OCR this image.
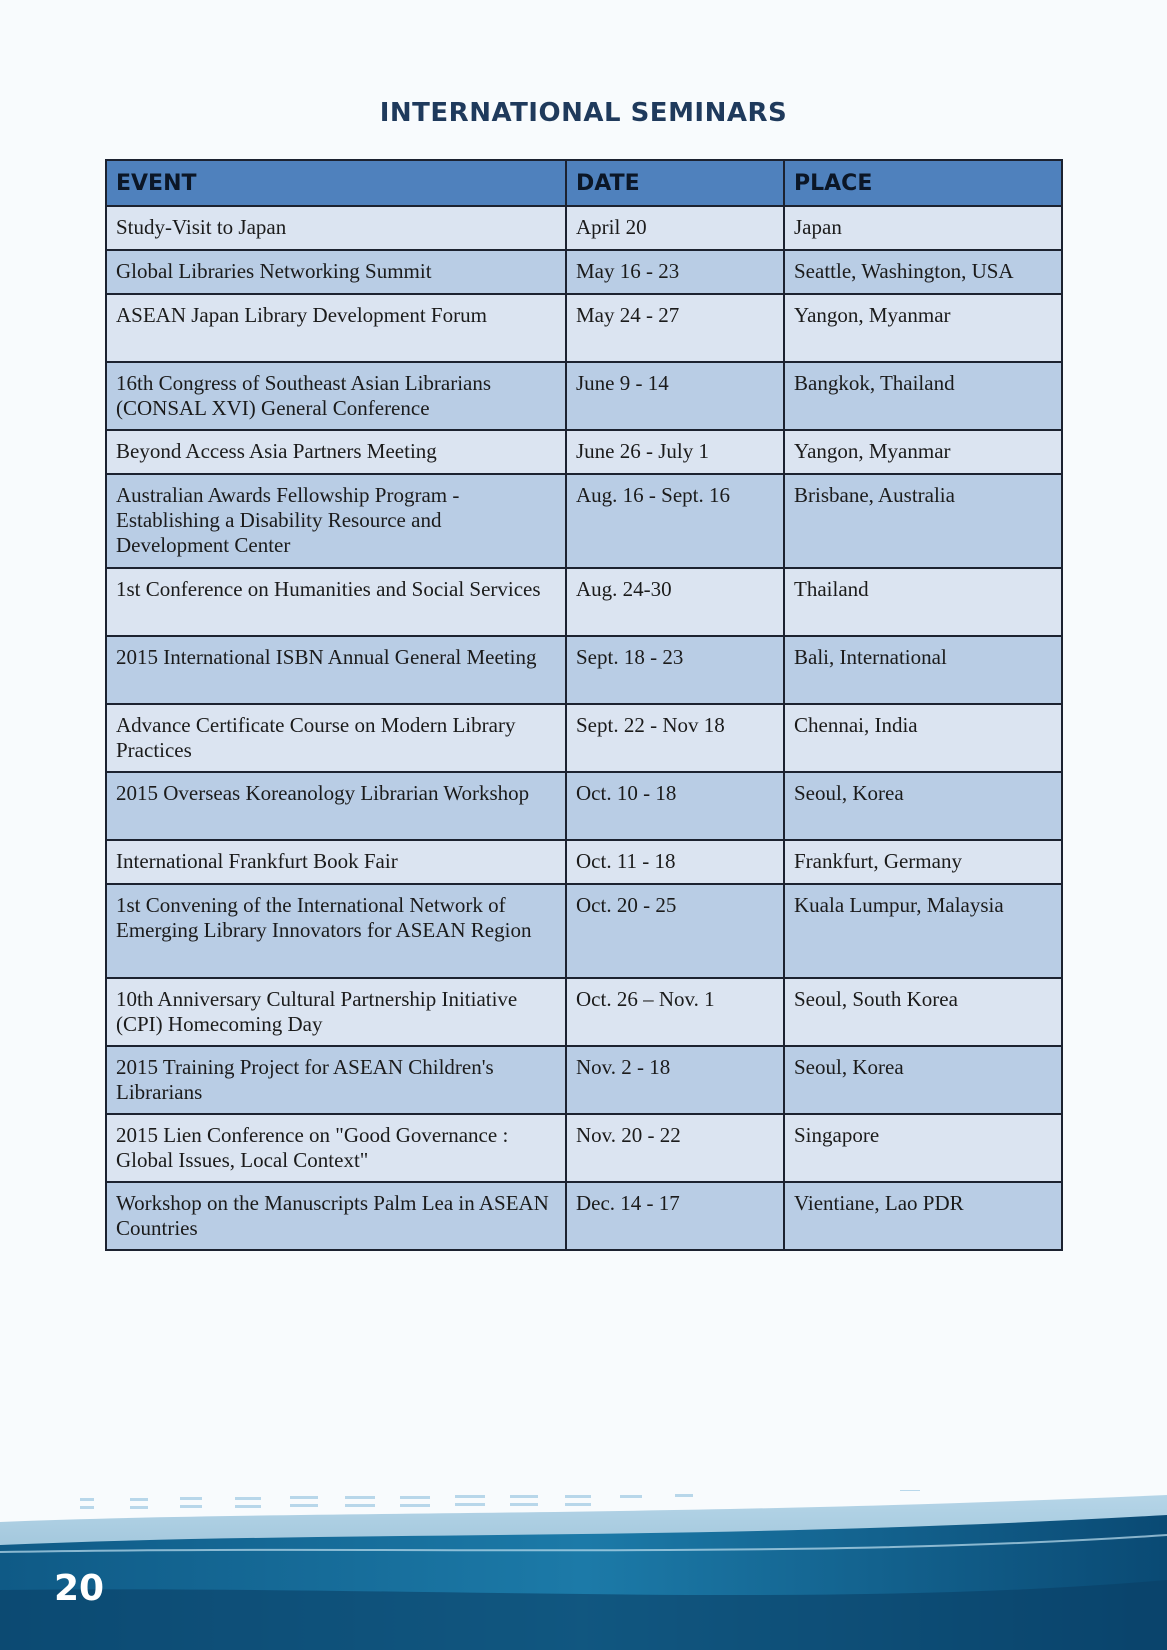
INTERNATIONAL SEMINARS
EVENT	DATE	PLACE
Study-Visit to Japan	April 20	Japan
Global Libraries Networking Summit	May 16 - 23	Seattle, Washington, USA
ASEAN Japan Library Development Forum	May 24 - 27	Yangon, Myanmar
16th Congress of Southeast Asian Librarians (CONSAL XVI) General Conference	June 9 - 14	Bangkok, Thailand
Beyond Access Asia Partners Meeting	June 26 - July 1	Yangon, Myanmar
Australian Awards Fellowship Program - Establishing a Disability Resource and Development Center	Aug. 16 - Sept. 16	Brisbane, Australia
1st Conference on Humanities and Social Services	Aug. 24-30	Thailand
2015 International ISBN Annual General Meeting	Sept. 18 - 23	Bali, International
Advance Certificate Course on Modern Library Practices	Sept. 22 - Nov 18	Chennai, India
2015 Overseas Koreanology Librarian Workshop	Oct. 10 - 18	Seoul, Korea
International Frankfurt Book Fair	Oct. 11 - 18	Frankfurt, Germany
1st Convening of the International Network of Emerging Library Innovators for ASEAN Region	Oct. 20 - 25	Kuala Lumpur, Malaysia
10th Anniversary Cultural Partnership Initiative (CPI) Homecoming Day	Oct. 26 – Nov. 1	Seoul, South Korea
2015 Training Project for ASEAN Children's Librarians	Nov. 2 - 18	Seoul, Korea
2015 Lien Conference on "Good Governance : Global Issues, Local Context"	Nov. 20 - 22	Singapore
Workshop on the Manuscripts Palm Lea in ASEAN Countries	Dec. 14 - 17	Vientiane, Lao PDR
20
